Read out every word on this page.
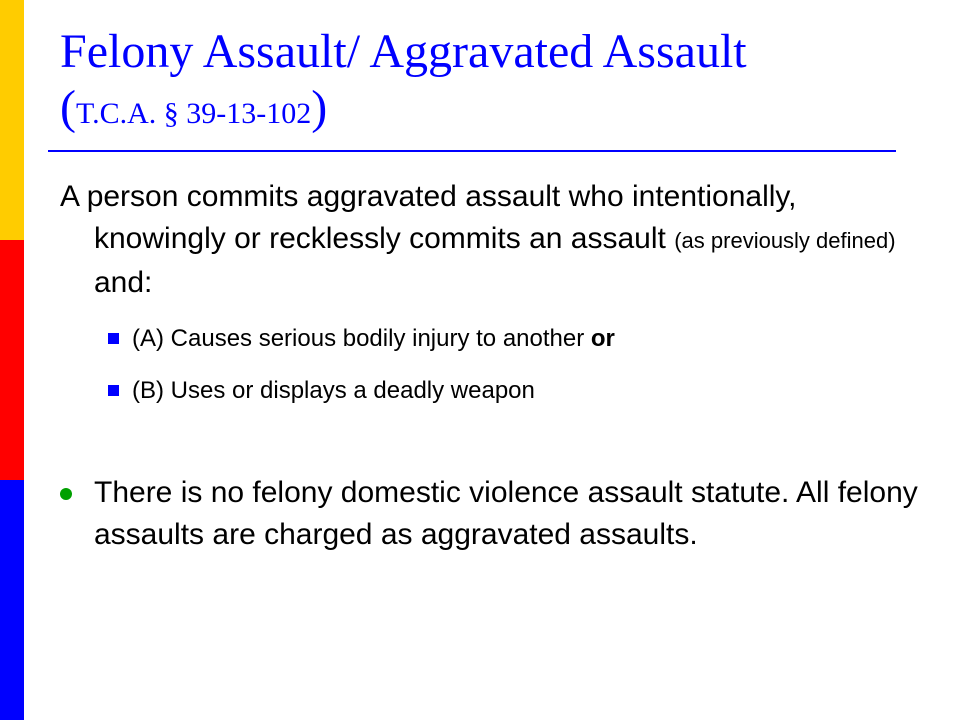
Felony Assault/ Aggravated Assault
(T.C.A. § 39-13-102)

A person commits aggravated assault who intentionally, knowingly or recklessly commits an assault (as previously defined) and:

(A) Causes serious bodily injury to another or

(B) Uses or displays a deadly weapon

There is no felony domestic violence assault statute. All felony assaults are charged as aggravated assaults.
